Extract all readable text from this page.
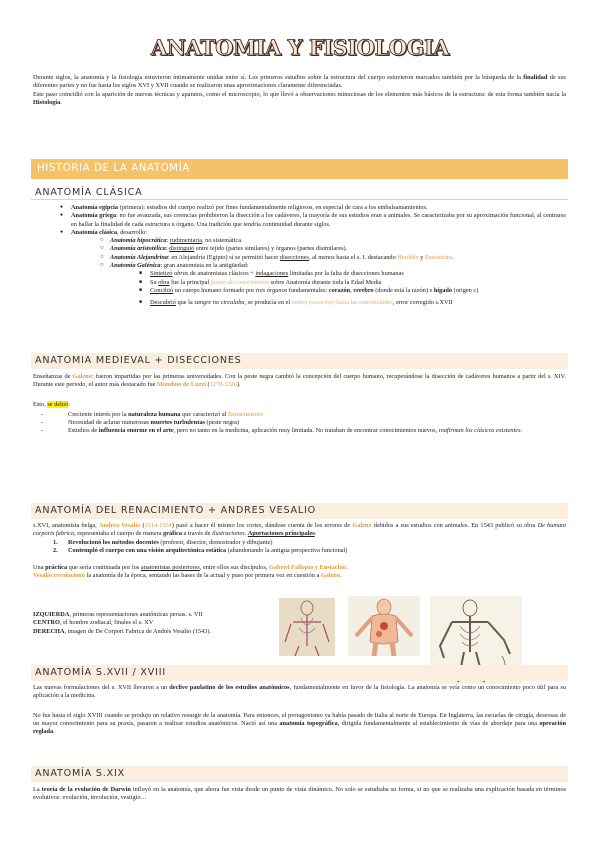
ANATOMIA Y FISIOLOGIA

Durante siglos, la anatomía y la fisiología estuvieron íntimamente unidas entre sí. Los primeros estudios sobre la estructura del cuerpo estuvieron marcados también por la búsqueda de la finalidad de sus diferentes partes y no fue hasta los siglos XVI y XVII cuando se realizaron unas aproximaciones claramente diferenciadas.

Este paso coincidió con la aparición de nuevas técnicas y aparatos, como el microscopio, lo que llevó a observaciones minuciosas de los elementos más básicos de la estructura: de esta forma también nacía la Histología.

HISTORIA DE LA ANATOMÍA
ANATOMÍA CLÁSICA
● Anatomía egipcia (primera): estudios del cuerpo realizó por fines fundamentalmente religiosos, en especial de cara a los embalsamamientos.
● Anatomía griega: no fue avanzada, sus creencias prohibieron la disección a los cadáveres, la mayoría de sus estudios eran a animales. Se caracterizaba por su aproximación funcional, al centrarse en hallar la finalidad de cada estructura u órgano. Una tradición que tendría continuidad durante siglos.
● Anatomía clásica, desarrollo:
○ Anatomía hipocrática: rudimentaria, no sistemática.
○ Anatomía aristotélica: distinguió entre tejido (partes similares) y órganos (partes disimilares).
○ Anatomía Alejandrina: en Alejandría (Egipto) sí se permitió hacer disecciones, al menos hasta el s. I. destacando Herófilo y Erasístrato.
○ Anatomía Galénica: gran anatomista en la antigüedad:
■ Sintetizó obras de anatomistas clásicos + indagaciones limitadas por la falta de disecciones humanas
■ Su obra fue la principal fuente de conocimiento sobre Anatomía durante toda la Edad Media
■ Concibió un cuerpo humano formado por tres órganos fundamentales: corazón, cerebro (donde está la razón) e hígado (origen c)
■ Descubrió que la sangre no circulaba, se producía en el centro (creación) hasta las extremidades, error corregido s.XVII
ANATOMIA MEDIEVAL + DISECCIONES

Enseñanzas de Galeno: fueron impartidas por las primeras universidades. Con la peste negra cambió la concepción del cuerpo humano, recuperándose la disección de cadáveres humanos a partir del s. XIV. Durante este periodo, el autor más destacado fue Mondino de Luzzi (1270-1326).

Esto, se debió:

- Creciente interés por la naturaleza humana que caracterizó al Renacimiento
- Necesidad de aclarar numerosas muertes turbulentas (peste negra)
- Estudios de influencia enorme en el arte, pero no tanto en la medicina, aplicación muy limitada. No trataban de encontrar conocimientos nuevos, reafirman los clásicos existentes.
ANATOMÍA DEL RENACIMIENTO + ANDRES VESALIO

s.XVI, anatomista belga, Andrea Vesalio (1514-1564) pasó a hacer él mismo los cortes, dándose cuenta de los errores de Galeno debidos a sus estudios con animales. En 1543 publicó su obra De humani corporis fabrica, representaba el cuerpo de manera gráfica a través de ilustraciones. Aportaciones principales:

1. Revolucionó los métodos docentes (profesor, disector, demostrador y dibujante)
2. Contempló el cuerpo con una visión arquitectónica estática (abandonando la antigua perspectiva funcional)

Una práctica que sería continuada por los anatomistas posteriores, entre ellos sus discípulos, Gabriel Fallopio y Eustachio.

Vesalio revolucionó la anatomía de la época, sentando las bases de la actual y puso por primera vez en cuestión a Galeno.

IZQUIERDA, primeras representaciones anatómicas persas. s. VII
CENTRO, el hombre zodiacal, finales el s. XV
DERECHA, imagen de De Corpori Fabrica de Andrés Vesalio (1543).
ANATOMÍA S.XVII / XVIII

Las nuevas formulaciones del s. XVII llevaron a un declive paulatino de los estudios anatómicos, fundamentalmente en favor de la fisiología. La anatomía se veía como un conocimiento poco útil para su aplicación a la medicina.

No fue hasta el siglo XVIII cuando se produjo un relativo resurgir de la anatomía. Para entonces, el protagonismo ya había pasado de Italia al norte de Europa. En Inglaterra, las escuelas de cirugía, deseosas de un mayor conocimiento para su praxis, pasaron a realizar estudios anatómicos. Nació así una anatomía topográfica, dirigida fundamentalmente al establecimiento de vías de abordaje para una operación reglada.

ANATOMÍA S.XIX

La teoría de la evolución de Darwin influyó en la anatomía, que ahora fue vista desde un punto de vista dinámico. No solo se estudiaba su forma, si no que se realizaba una explicación basada en términos evolutivos: evolución, involución, vestigio…
